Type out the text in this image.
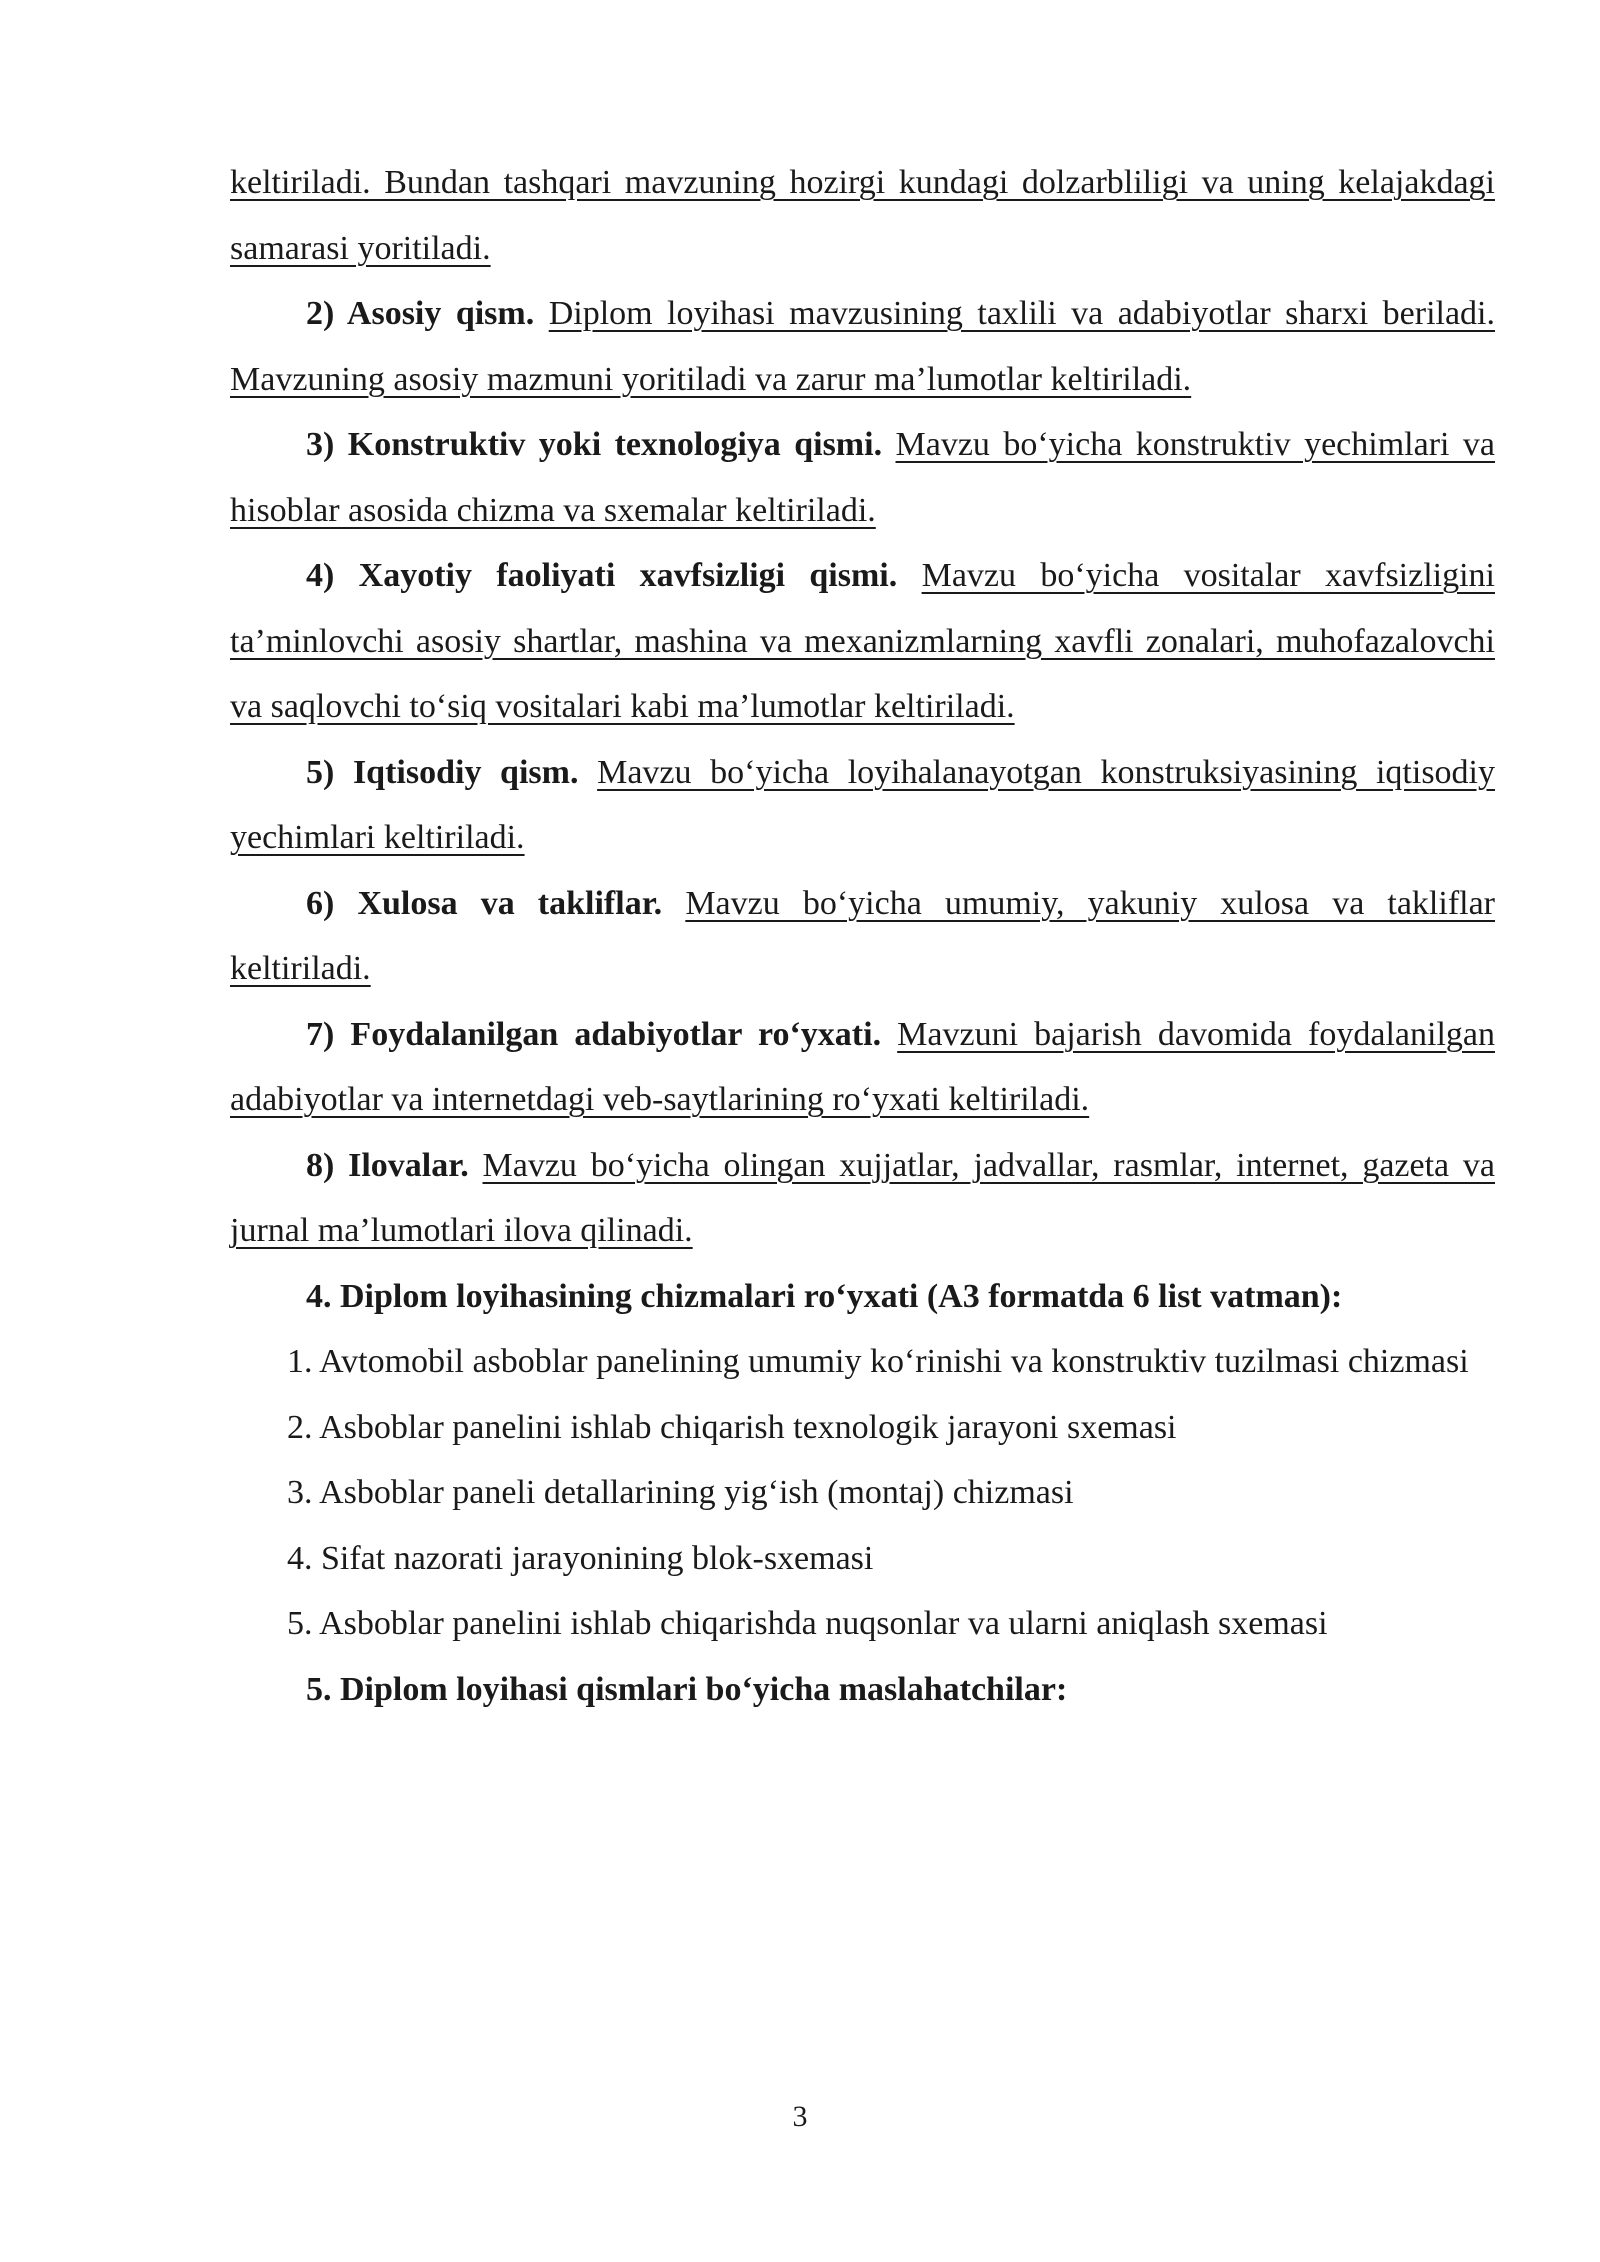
keltiriladi. Bundan tashqari mavzuning hozirgi kundagi dolzarbliligi va uning kelajakdagi samarasi yoritiladi.

2) Asosiy qism. Diplom loyihasi mavzusining taxlili va adabiyotlar sharxi beriladi. Mavzuning asosiy mazmuni yoritiladi va zarur ma’lumotlar keltiriladi.

3) Konstruktiv yoki texnologiya qismi. Mavzu bo‘yicha konstruktiv yechimlari va hisoblar asosida chizma va sxemalar keltiriladi.

4) Xayotiy faoliyati xavfsizligi qismi. Mavzu bo‘yicha vositalar xavfsizligini ta’minlovchi asosiy shartlar, mashina va mexanizmlarning xavfli zonalari, muhofazalovchi va saqlovchi to‘siq vositalari kabi ma’lumotlar keltiriladi.

5) Iqtisodiy qism. Mavzu bo‘yicha loyihalanayotgan konstruksiyasining iqtisodiy yechimlari keltiriladi.

6) Xulosa va takliflar. Mavzu bo‘yicha umumiy, yakuniy xulosa va takliflar keltiriladi.

7) Foydalanilgan adabiyotlar ro‘yxati. Mavzuni bajarish davomida foydalanilgan adabiyotlar va internetdagi veb-saytlarining ro‘yxati keltiriladi.

8) Ilovalar. Mavzu bo‘yicha olingan xujjatlar, jadvallar, rasmlar, internet, gazeta va jurnal ma’lumotlari ilova qilinadi.

4. Diplom loyihasining chizmalari ro‘yxati (A3 formatda 6 list vatman):

1. Avtomobil asboblar panelining umumiy ko‘rinishi va konstruktiv tuzilmasi chizmasi
2. Asboblar panelini ishlab chiqarish texnologik jarayoni sxemasi
3. Asboblar paneli detallarining yig‘ish (montaj) chizmasi
4. Sifat nazorati jarayonining blok-sxemasi
5. Asboblar panelini ishlab chiqarishda nuqsonlar va ularni aniqlash sxemasi

5. Diplom loyihasi qismlari bo‘yicha maslahatchilar:

3
